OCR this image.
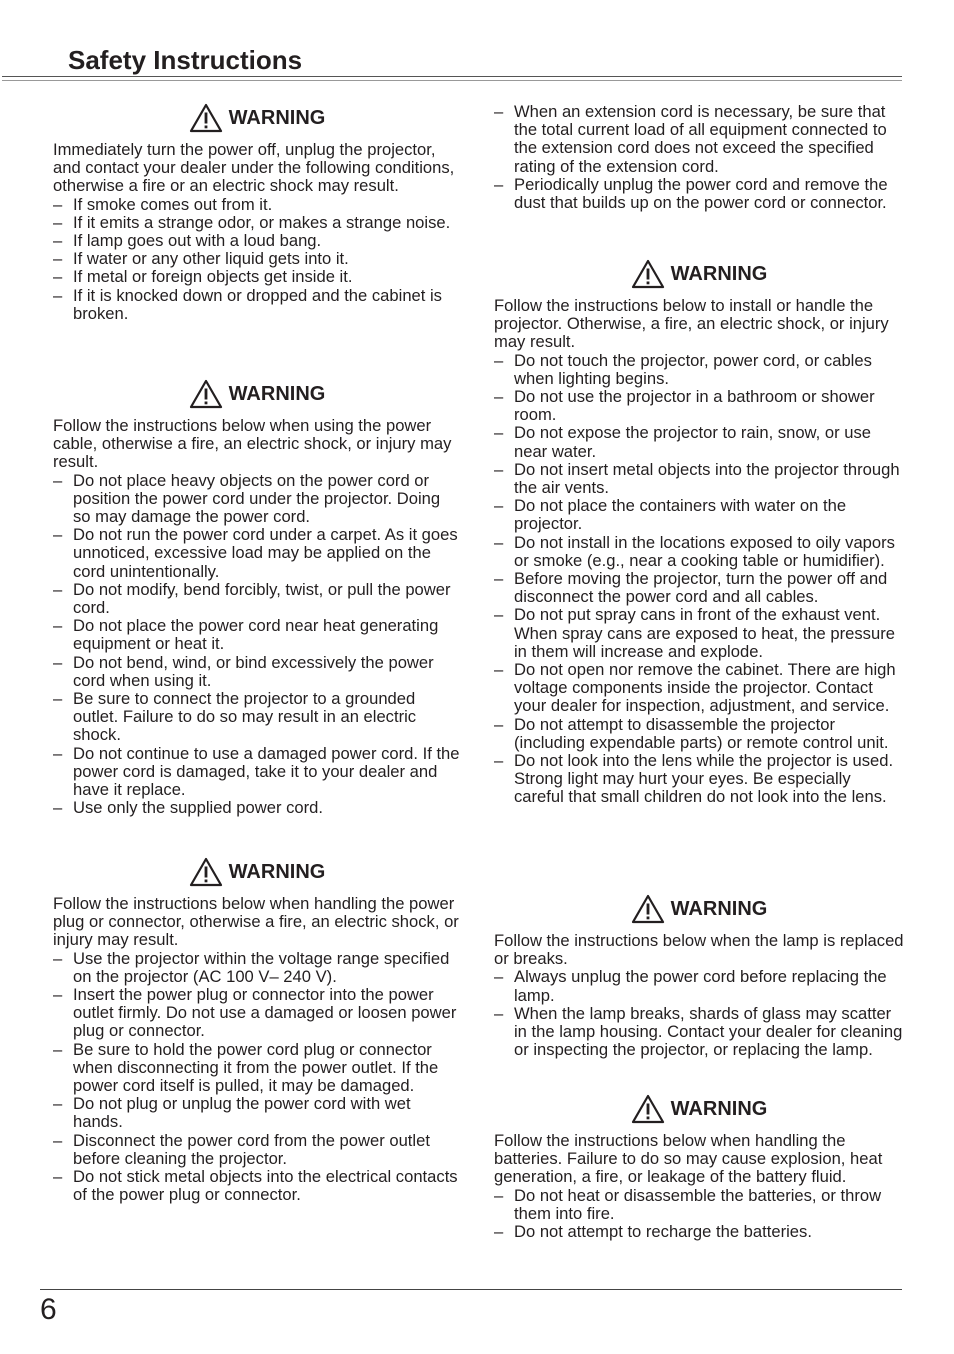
Safety Instructions
WARNING

Immediately turn the power off, unplug the projector, and contact your dealer under the following conditions, otherwise a fire or an electric shock may result.

– If smoke comes out from it.
– If it emits a strange odor, or makes a strange noise.
– If lamp goes out with a loud bang.
– If water or any other liquid gets into it.
– If metal or foreign objects get inside it.
– If it is knocked down or dropped and the cabinet is broken.
WARNING

Follow the instructions below when using the power cable, otherwise a fire, an electric shock, or injury may result.

– Do not place heavy objects on the power cord or position the power cord under the projector. Doing so may damage the power cord.
– Do not run the power cord under a carpet. As it goes unnoticed, excessive load may be applied on the cord unintentionally.
– Do not modify, bend forcibly, twist, or pull the power cord.
– Do not place the power cord near heat generating equipment or heat it.
– Do not bend, wind, or bind excessively the power cord when using it.
– Be sure to connect the projector to a grounded outlet. Failure to do so may result in an electric shock.
– Do not continue to use a damaged power cord. If the power cord is damaged, take it to your dealer and have it replace.
– Use only the supplied power cord.
WARNING

Follow the instructions below when handling the power plug or connector, otherwise a fire, an electric shock, or injury may result.

– Use the projector within the voltage range specified on the projector (AC 100 V– 240 V).
– Insert the power plug or connector into the power outlet firmly. Do not use a damaged or loosen power plug or connector.
– Be sure to hold the power cord plug or connector when disconnecting it from the power outlet. If the power cord itself is pulled, it may be damaged.
– Do not plug or unplug the power cord with wet hands.
– Disconnect the power cord from the power outlet before cleaning the projector.
– Do not stick metal objects into the electrical contacts of the power plug or connector.
– When an extension cord is necessary, be sure that the total current load of all equipment connected to the extension cord does not exceed the specified rating of the extension cord.
– Periodically unplug the power cord and remove the dust that builds up on the power cord or connector.
WARNING

Follow the instructions below to install or handle the projector. Otherwise, a fire, an electric shock, or injury may result.

– Do not touch the projector, power cord, or cables when lighting begins.
– Do not use the projector in a bathroom or shower room.
– Do not expose the projector to rain, snow, or use near water.
– Do not insert metal objects into the projector through the air vents.
– Do not place the containers with water on the projector.
– Do not install in the locations exposed to oily vapors or smoke (e.g., near a cooking table or humidifier).
– Before moving the projector, turn the power off and disconnect the power cord and all cables.
– Do not put spray cans in front of the exhaust vent. When spray cans are exposed to heat, the pressure in them will increase and explode.
– Do not open nor remove the cabinet. There are high voltage components inside the projector. Contact your dealer for inspection, adjustment, and service.
– Do not attempt to disassemble the projector (including expendable parts) or remote control unit.
– Do not look into the lens while the projector is used. Strong light may hurt your eyes. Be especially careful that small children do not look into the lens.
WARNING

Follow the instructions below when the lamp is replaced or breaks.

– Always unplug the power cord before replacing the lamp.
– When the lamp breaks, shards of glass may scatter in the lamp housing. Contact your dealer for cleaning or inspecting the projector, or replacing the lamp.
WARNING

Follow the instructions below when handling the batteries. Failure to do so may cause explosion, heat generation, a fire, or leakage of the battery fluid.

– Do not heat or disassemble the batteries, or throw them into fire.
– Do not attempt to recharge the batteries.
6
